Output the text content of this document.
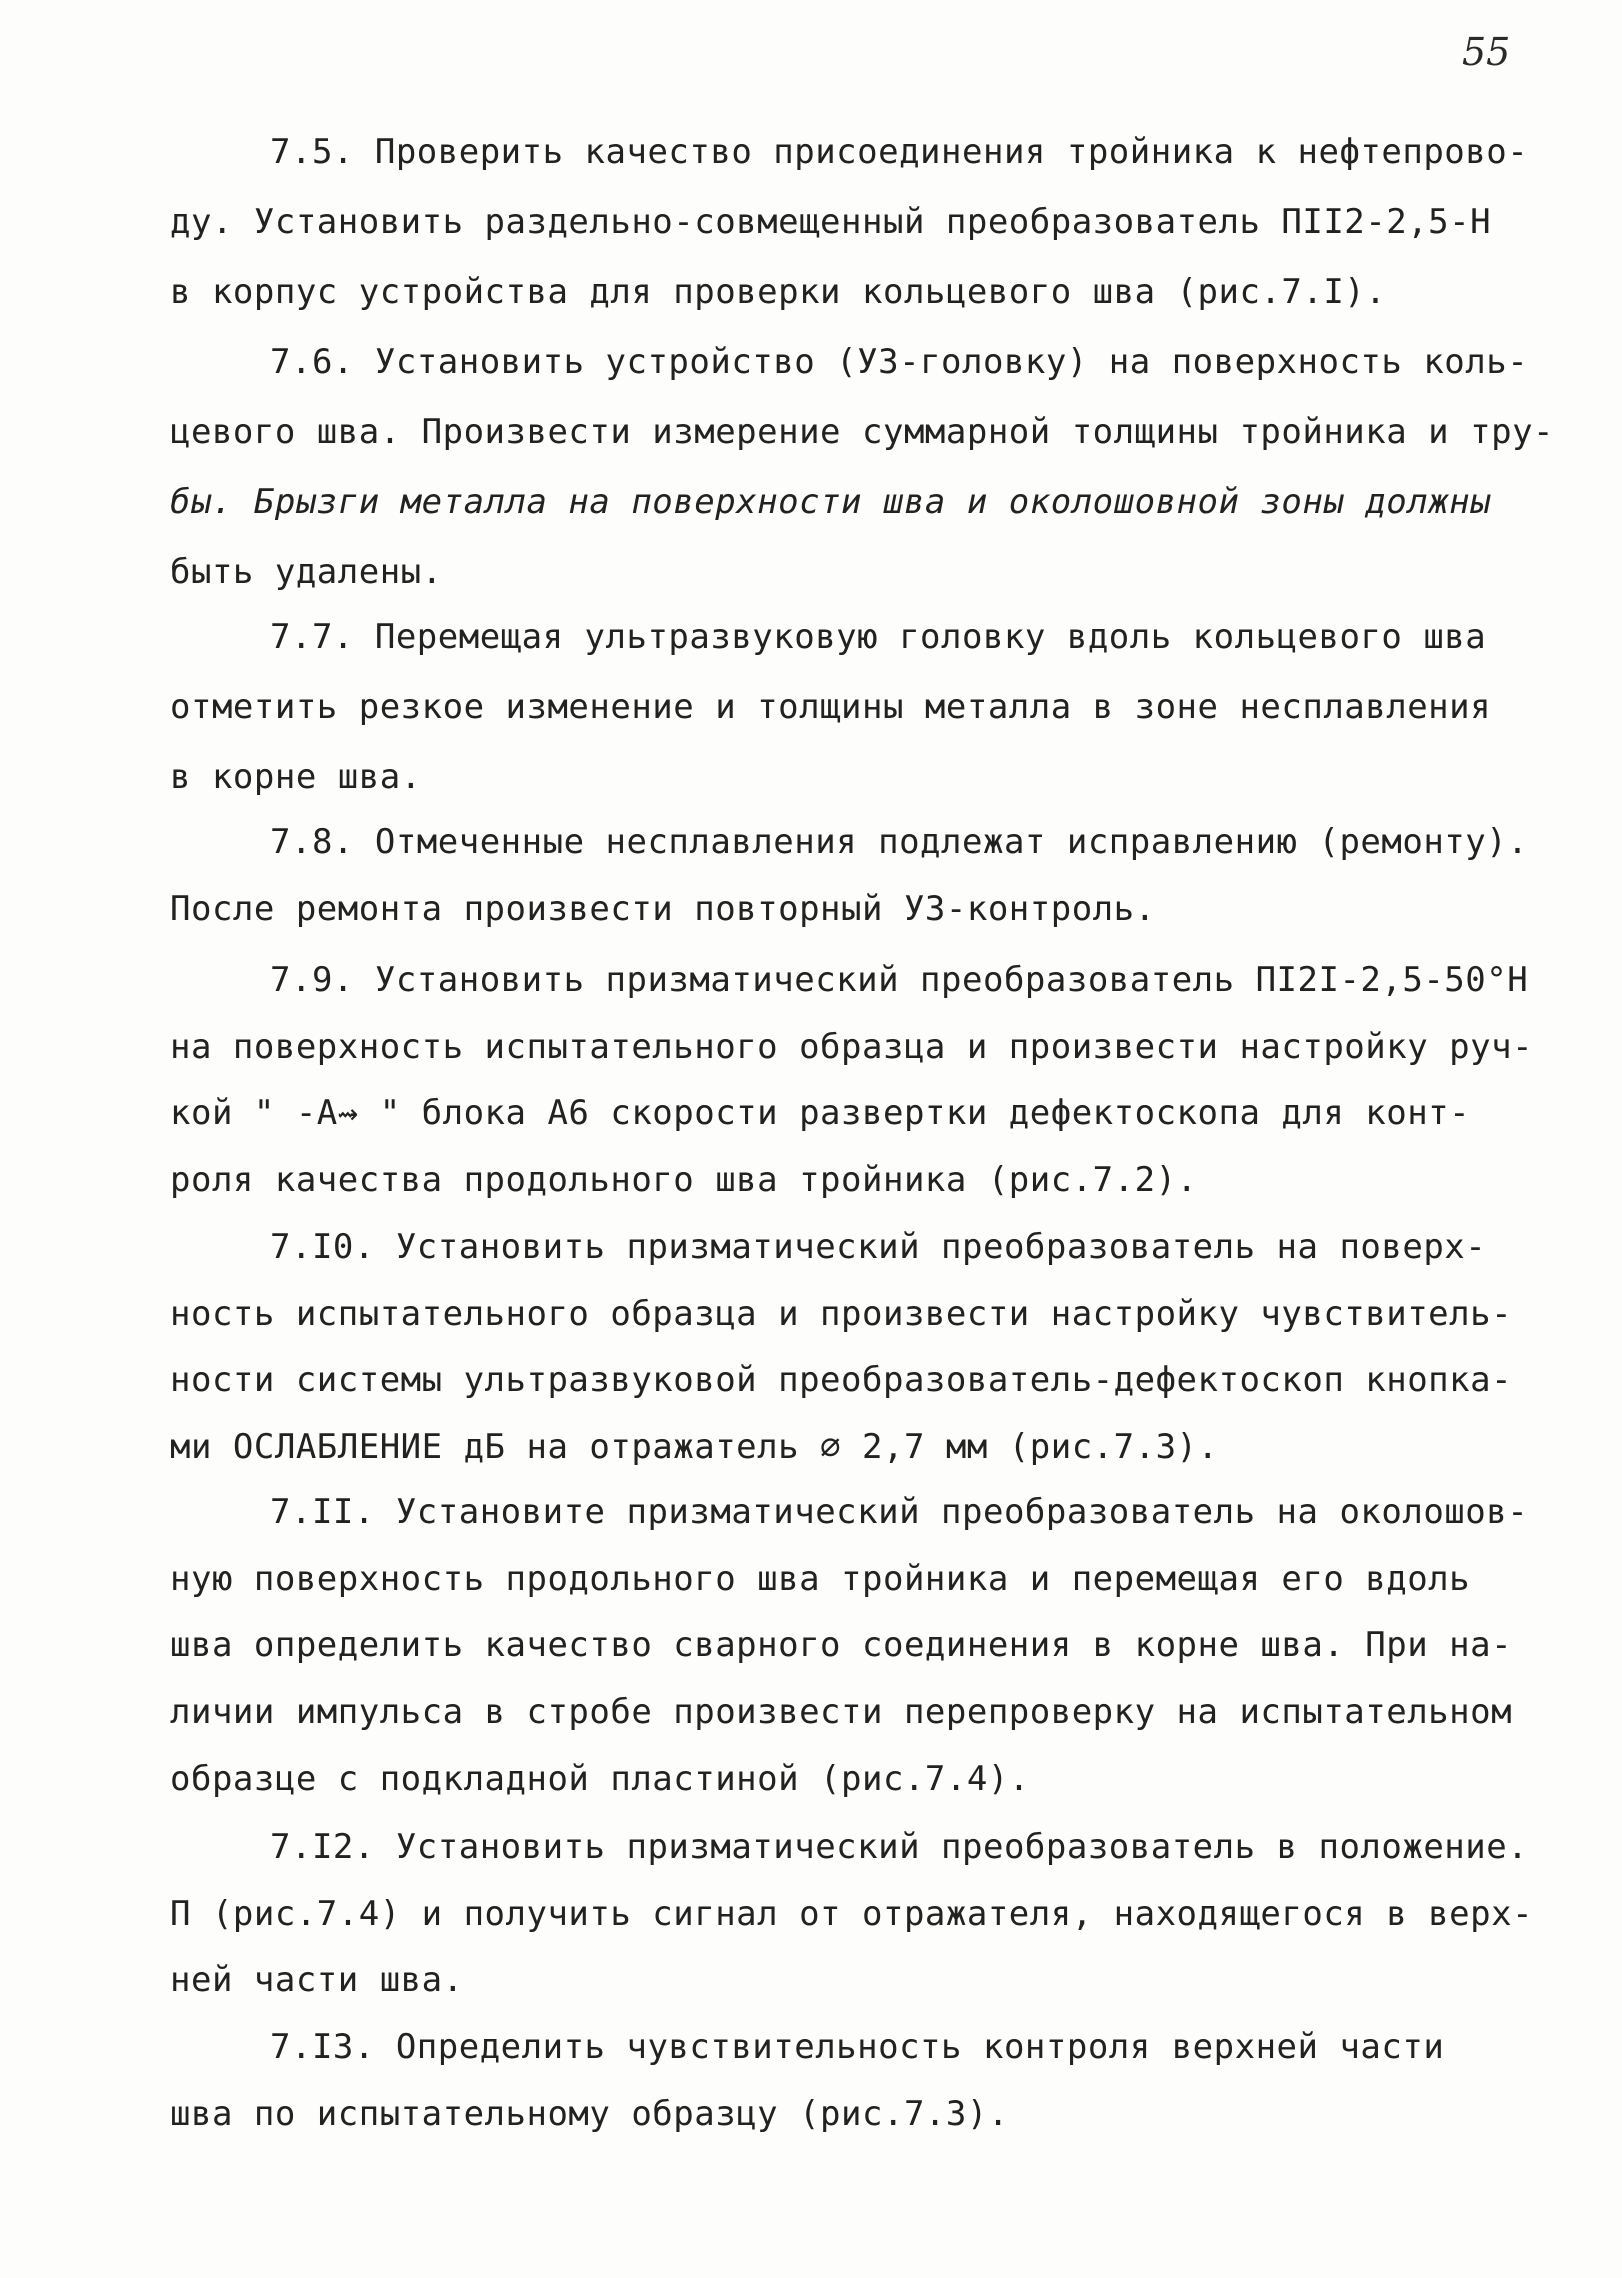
55
7.5. Проверить качество присоединения тройника к нефтепрово-
ду. Установить раздельно-совмещенный преобразователь ПІІ2-2,5-Н
в корпус устройства для проверки кольцевого шва (рис.7.I).
7.6. Установить устройство (УЗ-головку) на поверхность коль-
цевого шва. Произвести измерение суммарной толщины тройника и тру-
бы. Брызги металла на поверхности шва и околошовной зоны должны
быть удалены.
7.7. Перемещая ультразвуковую головку вдоль кольцевого шва
отметить резкое изменение и толщины металла в зоне несплавления
в корне шва.
7.8. Отмеченные несплавления подлежат исправлению (ремонту).
После ремонта произвести повторный УЗ-контроль.
7.9. Установить призматический преобразователь ПІ2І-2,5-50°Н
на поверхность испытательного образца и произвести настройку руч-
кой " -A⇝ " блока А6 скорости развертки дефектоскопа для конт-
роля качества продольного шва тройника (рис.7.2).
7.I0. Установить призматический преобразователь на поверх-
ность испытательного образца и произвести настройку чувствитель-
ности системы ультразвуковой преобразователь-дефектоскоп кнопка-
ми ОСЛАБЛЕНИЕ дБ на отражатель ∅ 2,7 мм (рис.7.3).
7.II. Установите призматический преобразователь на околошов-
ную поверхность продольного шва тройника и перемещая его вдоль
шва определить качество сварного соединения в корне шва. При на-
личии импульса в стробе произвести перепроверку на испытательном
образце с подкладной пластиной (рис.7.4).
7.I2. Установить призматический преобразователь в положение.
П (рис.7.4) и получить сигнал от отражателя, находящегося в верх-
ней части шва.
7.I3. Определить чувствительность контроля верхней части
шва по испытательному образцу (рис.7.3).
